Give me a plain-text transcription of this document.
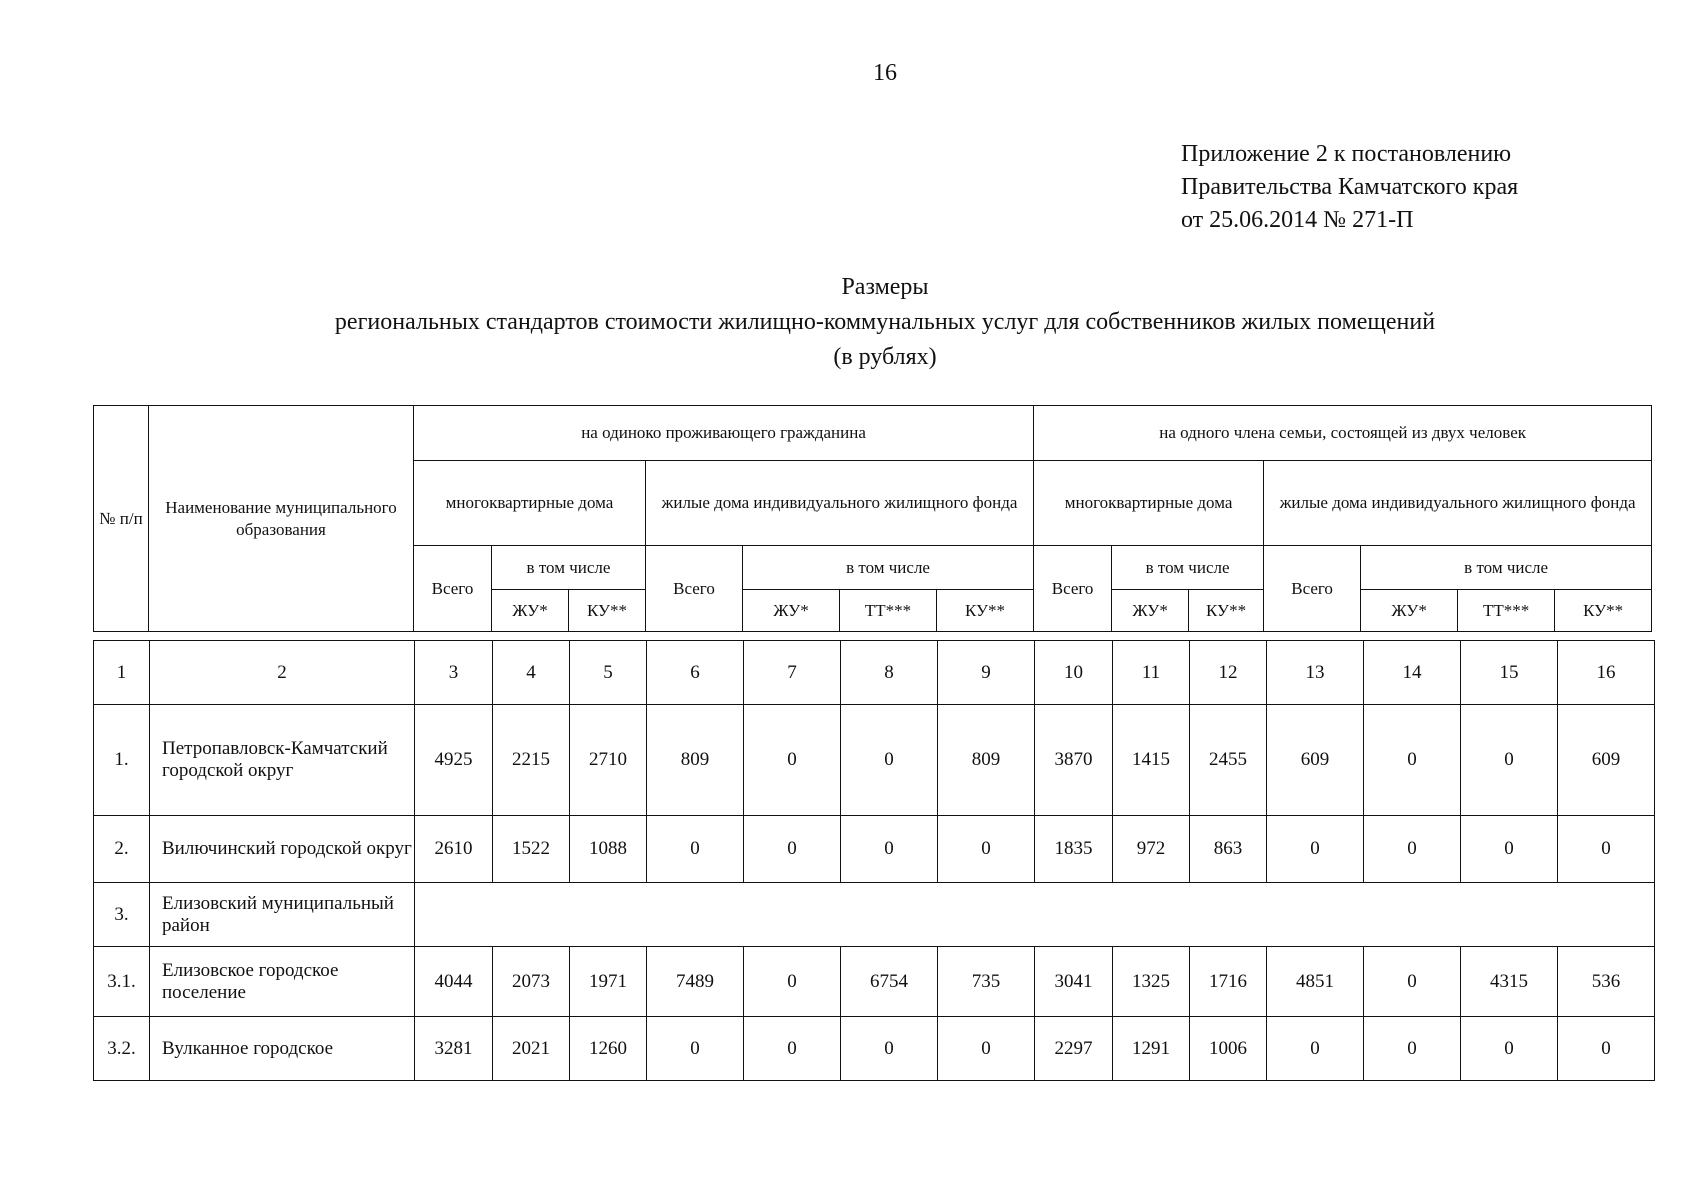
16
Приложение 2 к постановлению
Правительства Камчатского края
от 25.06.2014 № 271-П
Размеры
региональных стандартов стоимости жилищно-коммунальных услуг для собственников жилых помещений
(в рублях)
№ п/п	Наименование муниципального образования	на одиноко проживающего гражданина							на одного члена семьи, состоящей из двух человек						
		многоквартирные дома			жилые дома индивидуального жилищного фонда				многоквартирные дома			жилые дома индивидуального жилищного фонда			
		Всего	в том числе		Всего	в том числе			Всего	в том числе		Всего	в том числе		
			ЖУ*	КУ**		ЖУ*	ТТ***	КУ**		ЖУ*	КУ**		ЖУ*	ТТ***	КУ**
1	2	3	4	5	6	7	8	9	10	11	12	13	14	15	16
1.	Петропавловск-Камчатский городской округ	4925	2215	2710	809	0	0	809	3870	1415	2455	609	0	0	609
2.	Вилючинский городской округ	2610	1522	1088	0	0	0	0	1835	972	863	0	0	0	0
3.	Елизовский муниципальный район														
3.1.	Елизовское городское поселение	4044	2073	1971	7489	0	6754	735	3041	1325	1716	4851	0	4315	536
3.2.	Вулканное городское	3281	2021	1260	0	0	0	0	2297	1291	1006	0	0	0	0
